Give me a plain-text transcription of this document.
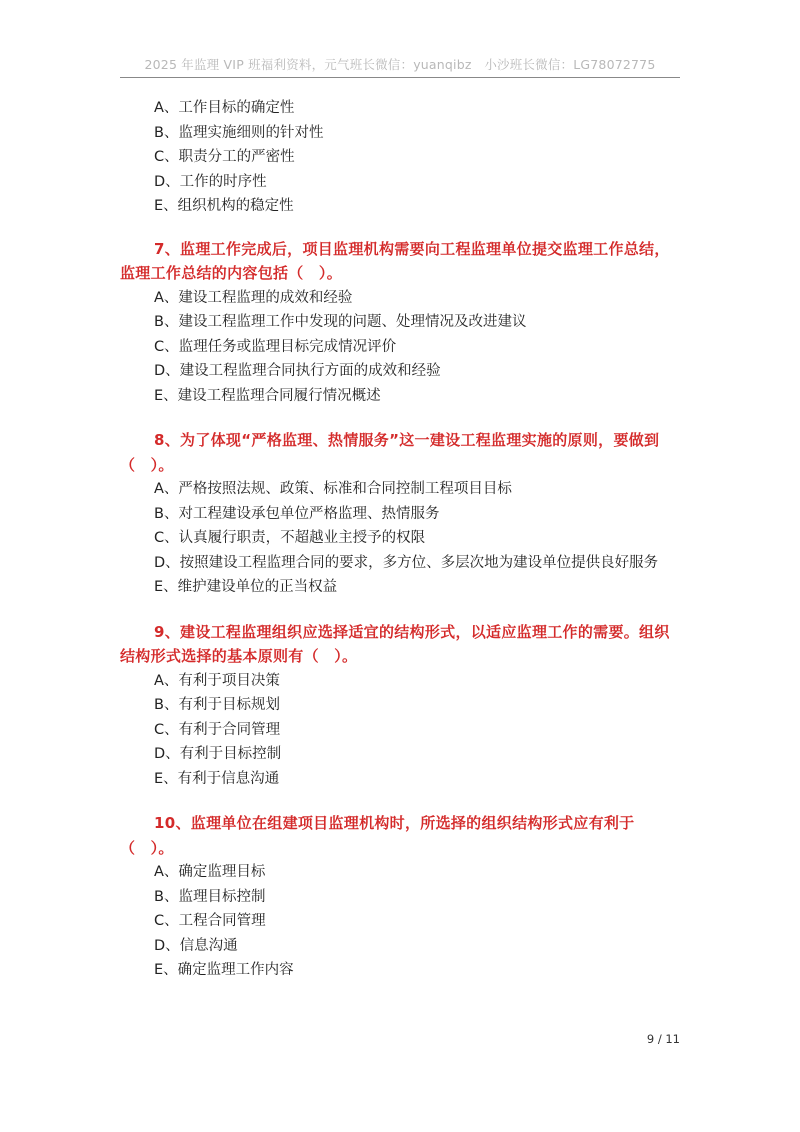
2025 年监理 VIP 班福利资料，元气班长微信：yuanqibz　小沙班长微信：LG78072775

A、工作目标的确定性

B、监理实施细则的针对性

C、职责分工的严密性

D、工作的时序性

E、组织机构的稳定性

7、监理工作完成后，项目监理机构需要向工程监理单位提交监理工作总结，监理工作总结的内容包括（　）。

A、建设工程监理的成效和经验

B、建设工程监理工作中发现的问题、处理情况及改进建议

C、监理任务或监理目标完成情况评价

D、建设工程监理合同执行方面的成效和经验

E、建设工程监理合同履行情况概述

8、为了体现“严格监理、热情服务”这一建设工程监理实施的原则，要做到（　）。

A、严格按照法规、政策、标准和合同控制工程项目目标

B、对工程建设承包单位严格监理、热情服务

C、认真履行职责，不超越业主授予的权限

D、按照建设工程监理合同的要求，多方位、多层次地为建设单位提供良好服务

E、维护建设单位的正当权益

9、建设工程监理组织应选择适宜的结构形式，以适应监理工作的需要。组织结构形式选择的基本原则有（　）。

A、有利于项目决策

B、有利于目标规划

C、有利于合同管理

D、有利于目标控制

E、有利于信息沟通

10、监理单位在组建项目监理机构时，所选择的组织结构形式应有利于（　）。

A、确定监理目标

B、监理目标控制

C、工程合同管理

D、信息沟通

E、确定监理工作内容

9 / 11
